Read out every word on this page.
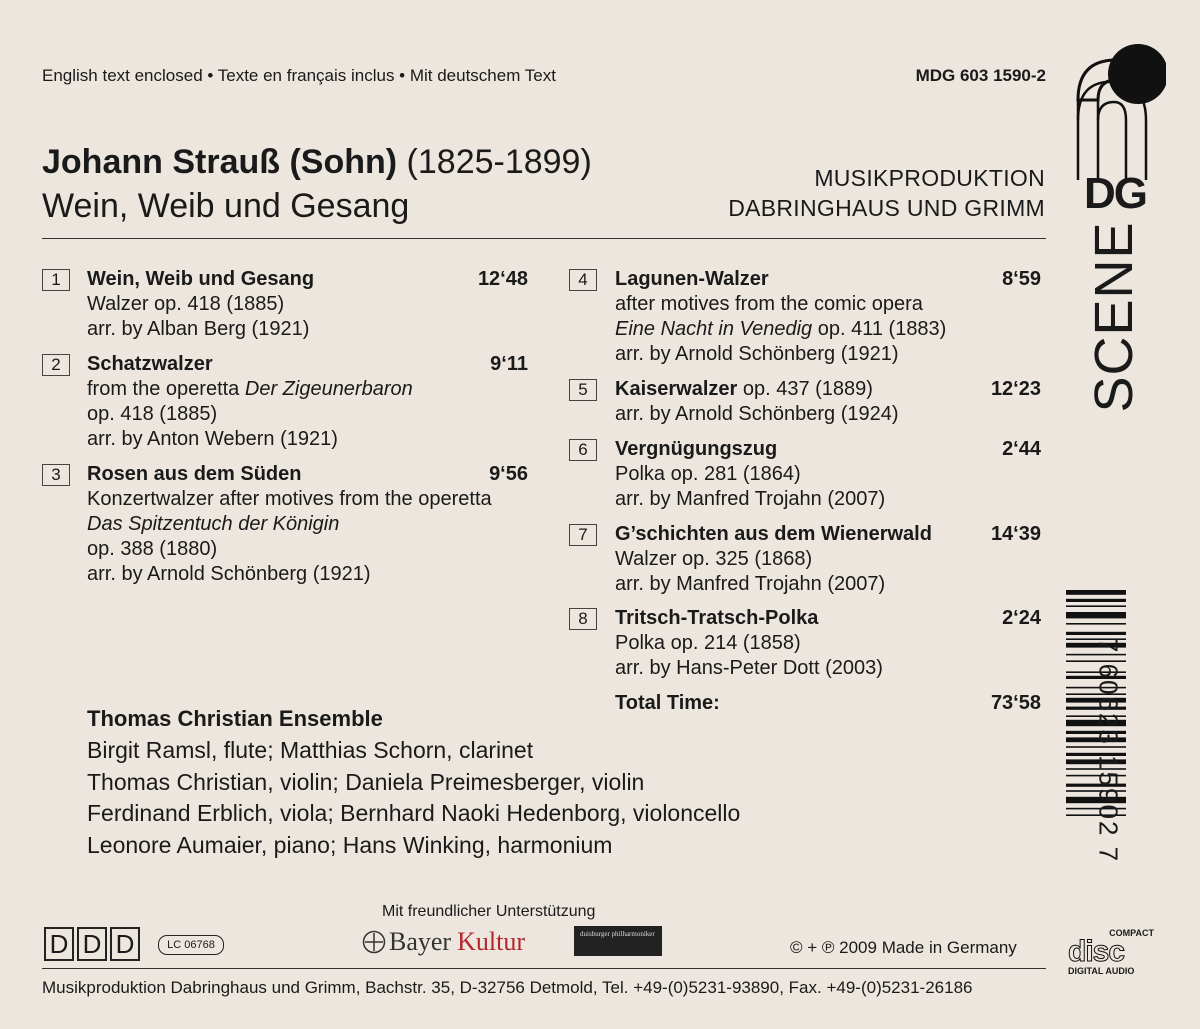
English text enclosed • Texte en français inclus • Mit deutschem Text	MDG 603 1590-2
Johann Strauß (Sohn) (1825-1899)
Wein, Weib und Gesang
MUSIKPRODUKTION
DABRINGHAUS UND GRIMM
1	Wein, Weib und Gesang	12‘48
Walzer op. 418 (1885)
arr. by Alban Berg (1921)
2	Schatzwalzer	9‘11
from the operetta Der Zigeunerbaron
op. 418 (1885)
arr. by Anton Webern (1921)
3	Rosen aus dem Süden	9‘56
Konzertwalzer after motives from the operetta
Das Spitzentuch der Königin
op. 388 (1880)
arr. by Arnold Schönberg (1921)
4	Lagunen-Walzer	8‘59
after motives from the comic opera
Eine Nacht in Venedig op. 411 (1883)
arr. by Arnold Schönberg (1921)
5	Kaiserwalzer op. 437 (1889)	12‘23
arr. by Arnold Schönberg (1924)
6	Vergnügungszug	2‘44
Polka op. 281 (1864)
arr. by Manfred Trojahn (2007)
7	G’schichten aus dem Wienerwald	14‘39
Walzer op. 325 (1868)
arr. by Manfred Trojahn (2007)
8	Tritsch-Tratsch-Polka	2‘24
Polka op. 214 (1858)
arr. by Hans-Peter Dott (2003)
Total Time:	73‘58
Thomas Christian Ensemble
Birgit Ramsl, flute; Matthias Schorn, clarinet
Thomas Christian, violin; Daniela Preimesberger, violin
Ferdinand Erblich, viola; Bernhard Naoki Hedenborg, violoncello
Leonore Aumaier, piano; Hans Winking, harmonium
D D D	LC 06768
Mit freundlicher Unterstützung
Bayer Kultur	duisburger philharmoniker
© + ℗ 2009 Made in Germany
Musikproduktion Dabringhaus und Grimm, Bachstr. 35, D-32756 Detmold, Tel. +49-(0)5231-93890, Fax. +49-(0)5231-26186
DG
SCENE
7 60623 15902 7
COMPACT
disc
DIGITAL AUDIO
